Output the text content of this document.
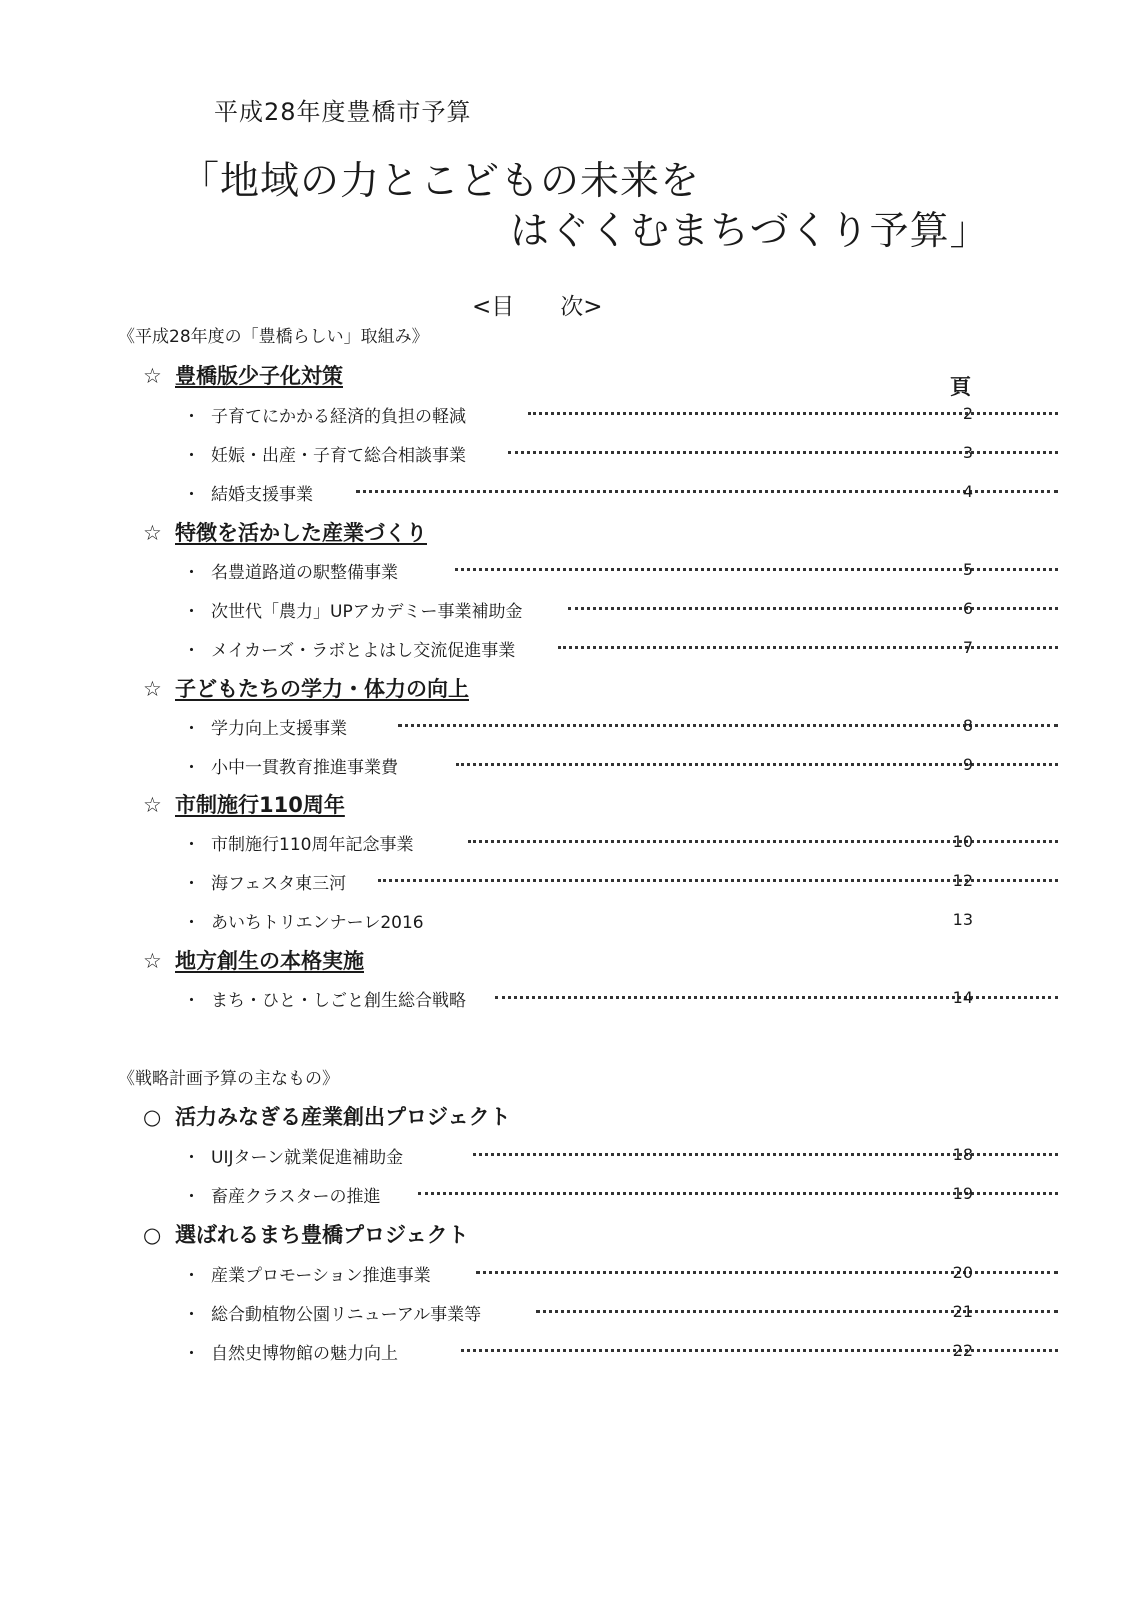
平成28年度豊橋市予算
「地域の力とこどもの未来を
はぐくむまちづくり予算」
<目　　次>
《平成28年度の「豊橋らしい」取組み》
頁
☆ 豊橋版少子化対策
・ 子育てにかかる経済的負担の軽減	2
・ 妊娠・出産・子育て総合相談事業	3
・ 結婚支援事業	4
☆ 特徴を活かした産業づくり
・ 名豊道路道の駅整備事業	5
・ 次世代「農力」UPアカデミー事業補助金	6
・ メイカーズ・ラボとよはし交流促進事業	7
☆ 子どもたちの学力・体力の向上
・ 学力向上支援事業	8
・ 小中一貫教育推進事業費	9
☆ 市制施行110周年
・ 市制施行110周年記念事業	10
・ 海フェスタ東三河	12
・ あいちトリエンナーレ2016	13
☆ 地方創生の本格実施
・ まち・ひと・しごと創生総合戦略	14
《戦略計画予算の主なもの》
○ 活力みなぎる産業創出プロジェクト
・ UIJターン就業促進補助金	18
・ 畜産クラスターの推進	19
○ 選ばれるまち豊橋プロジェクト
・ 産業プロモーション推進事業	20
・ 総合動植物公園リニューアル事業等	21
・ 自然史博物館の魅力向上	22
